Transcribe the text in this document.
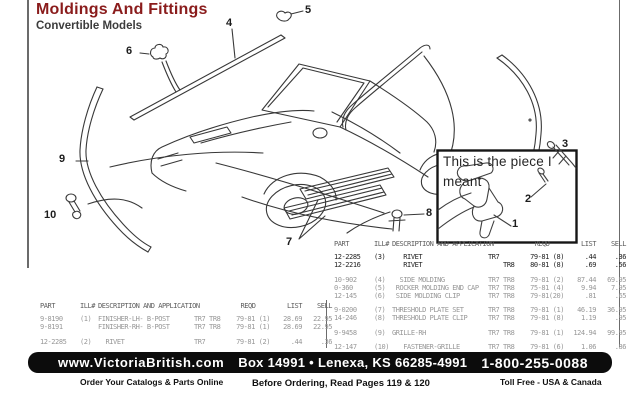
1
2
3
4
5
6
7
8
9
10
This is the piece I
meant
Moldings And Fittings
Convertible Models
PART	ILL# DESCRIPTION AND APPLICATION	REQD	LIST	SELL
9-8190	(1) FINISHER-LH- B-POST	TR7 TR8	79-81 (1)	28.69	22.95
9-8191	FINISHER-RH- B-POST	TR7 TR8	79-81 (1)	28.69	22.95
12-2285	(2) RIVET	TR7	79-81 (2)	.44	.36
PART	ILL# DESCRIPTION AND APPLICATION	REQD	LIST	SELL
12-2285	(3) RIVET	TR7	79-81 (8)	.44	.36
12-2216	RIVET	TR8	80-81 (8)	.69	.56
10-902	(4) SIDE MOLDING	TR7 TR8	79-81 (2)	87.44	69.95
0-360	(5) ROCKER MOLDING END CAP	TR7 TR8	75-81 (4)	9.94	7.95
12-145	(6) SIDE MOLDING CLIP	TR7 TR8	79-81(20)	.81	.65
9-0200	(7) THRESHOLD PLATE SET	TR7 TR8	79-81 (1)	46.19	36.95
14-246	(8) THRESHOLD PLATE CLIP	TR7 TR8	79-81 (8)	1.19	.95
9-9458	(9) GRILLE-RH	TR7 TR8	79-81 (1)	124.94	99.95
12-147	(10) FASTENER-GRILLE	TR7 TR8	79-81 (6)	1.06	.86
www.VictoriaBritish.com Box 14991 • Lenexa, KS 66285-4991 1-800-255-0088
Order Your Catalogs & Parts Online	Before Ordering, Read Pages 119 & 120	Toll Free - USA & Canada
